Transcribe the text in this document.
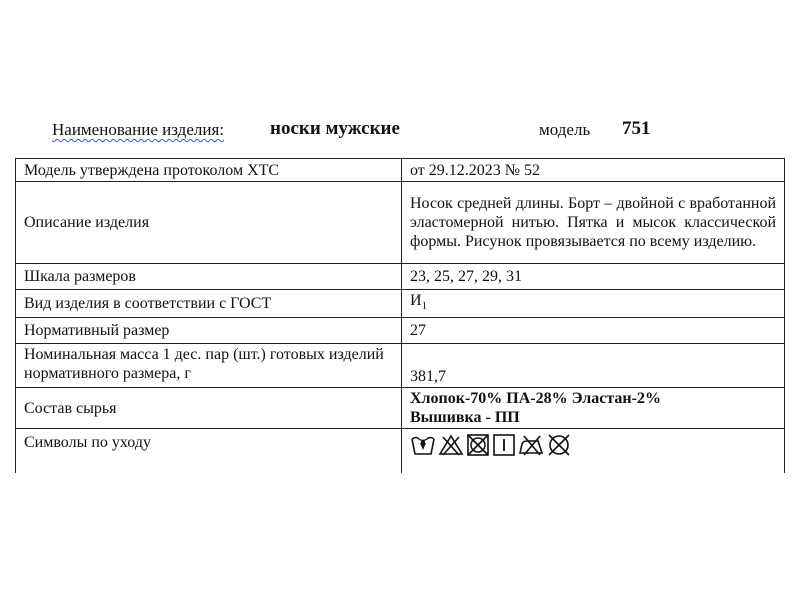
Наименование изделия: носки мужские	модель 751
Модель утверждена протоколом ХТС	от 29.12.2023 № 52
Описание изделия	Носок средней длины. Борт – двойной с вработанной эластомерной нитью. Пятка и мысок классической формы. Рисунок провязывается по всему изделию.
Шкала размеров	23, 25, 27, 29, 31
Вид изделия в соответствии с ГОСТ	$И_1$
Нормативный размер	27
Номинальная масса 1 дес. пар (шт.) готовых изделий нормативного размера, г	381,7
Состав сырья	Хлопок-70% ПА-28% Эластан-2%
Вышивка - ПП

Символы по уходу	
